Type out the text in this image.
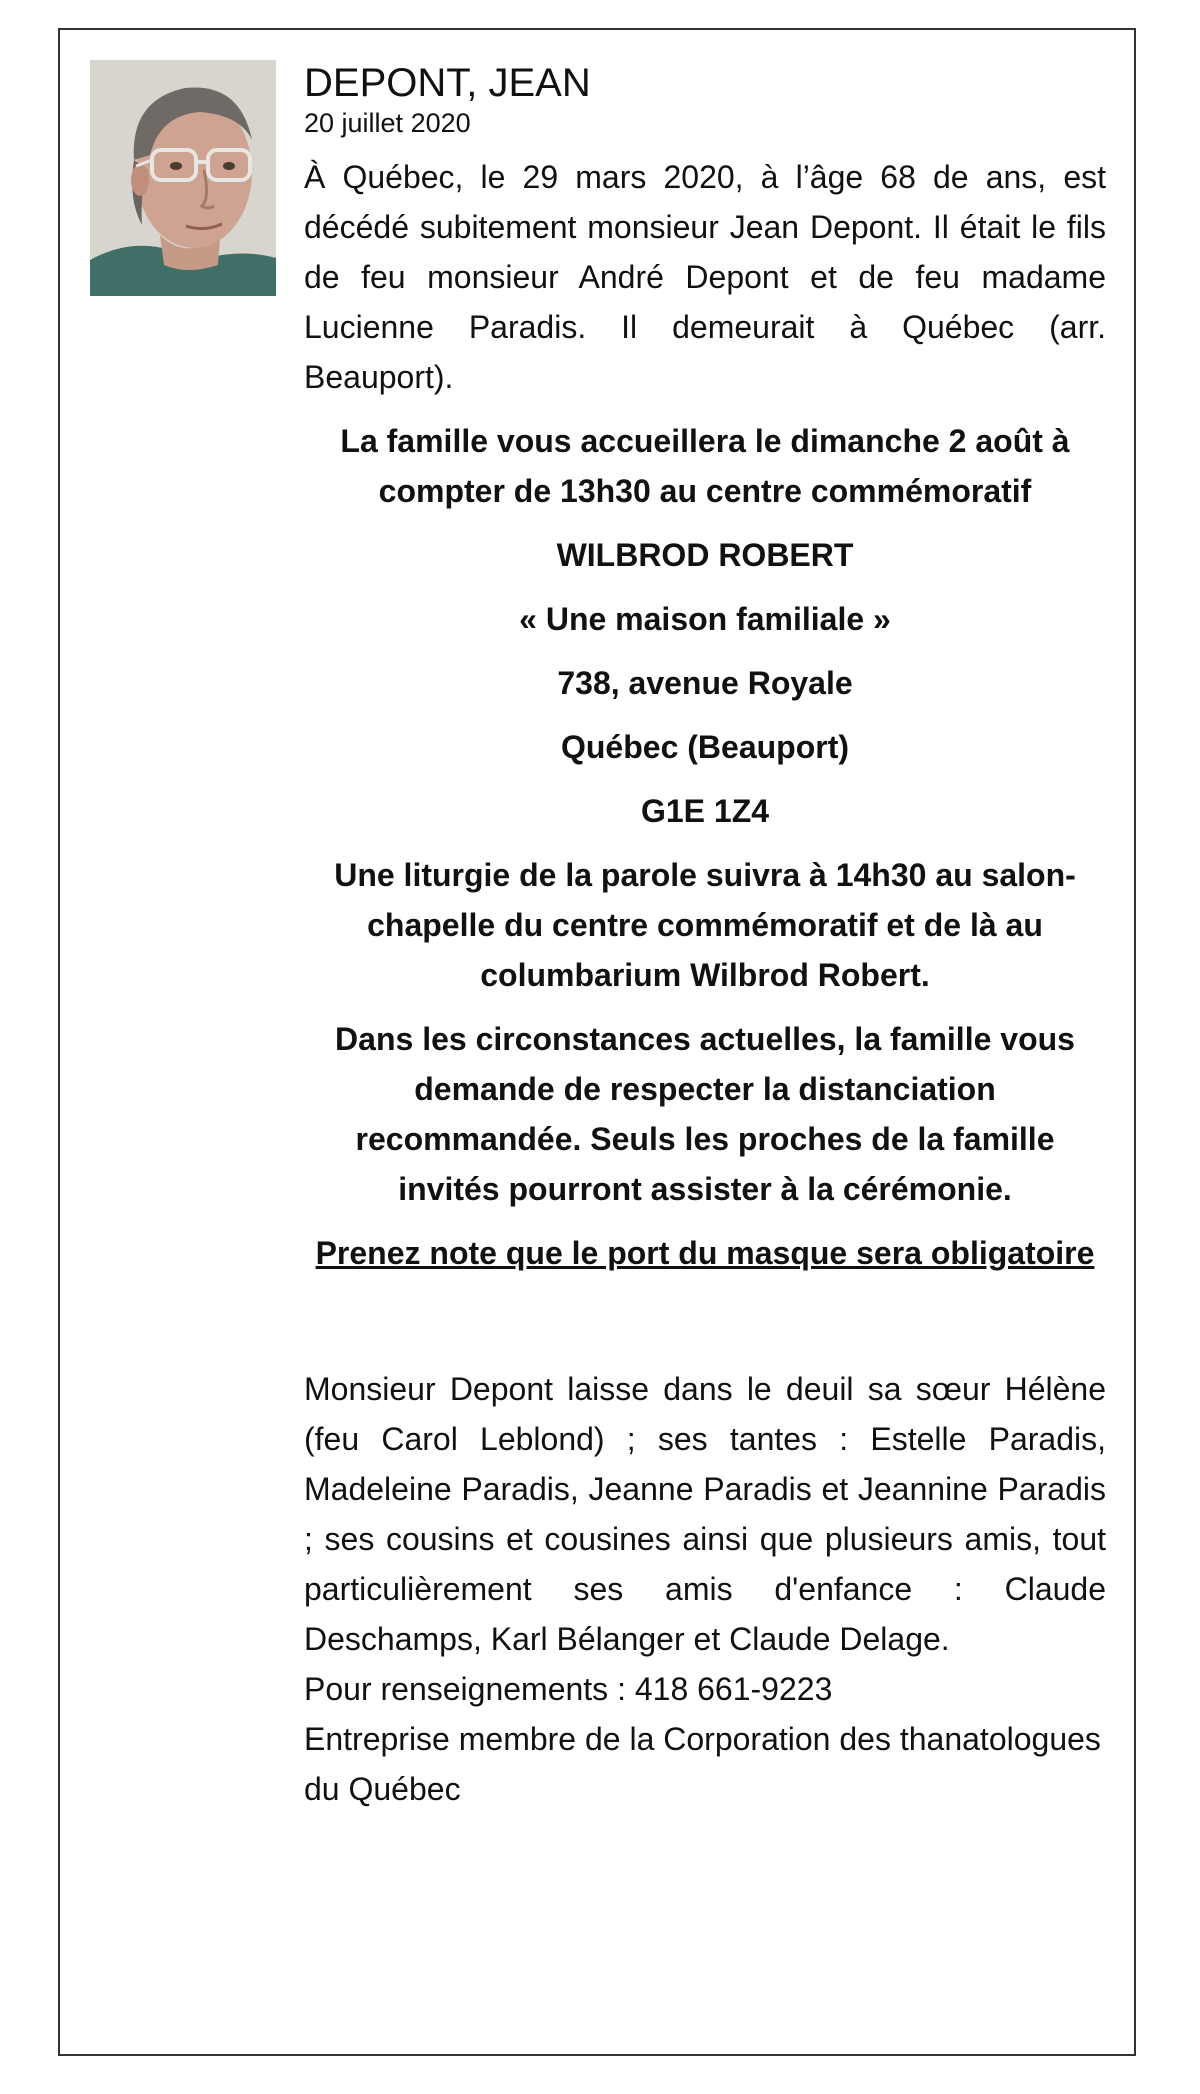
DEPONT, JEAN

20 juillet 2020

À Québec, le 29 mars 2020, à l’âge 68 de ans, est décédé subitement monsieur Jean Depont. Il était le fils de feu monsieur André Depont et de feu madame Lucienne Paradis. Il demeurait à Québec (arr. Beauport).

La famille vous accueillera le dimanche 2 août à compter de 13h30 au centre commémoratif

WILBROD ROBERT

« Une maison familiale »

738, avenue Royale

Québec (Beauport)

G1E 1Z4

Une liturgie de la parole suivra à 14h30 au salon-chapelle du centre commémoratif et de là au columbarium Wilbrod Robert.

Dans les circonstances actuelles, la famille vous demande de respecter la distanciation recommandée. Seuls les proches de la famille invités pourront assister à la cérémonie.

Prenez note que le port du masque sera obligatoire

Monsieur Depont laisse dans le deuil sa sœur Hélène (feu Carol Leblond) ; ses tantes : Estelle Paradis, Madeleine Paradis, Jeanne Paradis et Jeannine Paradis ; ses cousins et cousines ainsi que plusieurs amis, tout particulièrement ses amis d'enfance : Claude Deschamps, Karl Bélanger et Claude Delage.

Pour renseignements : 418 661-9223

Entreprise membre de la Corporation des thanatologues du Québec
